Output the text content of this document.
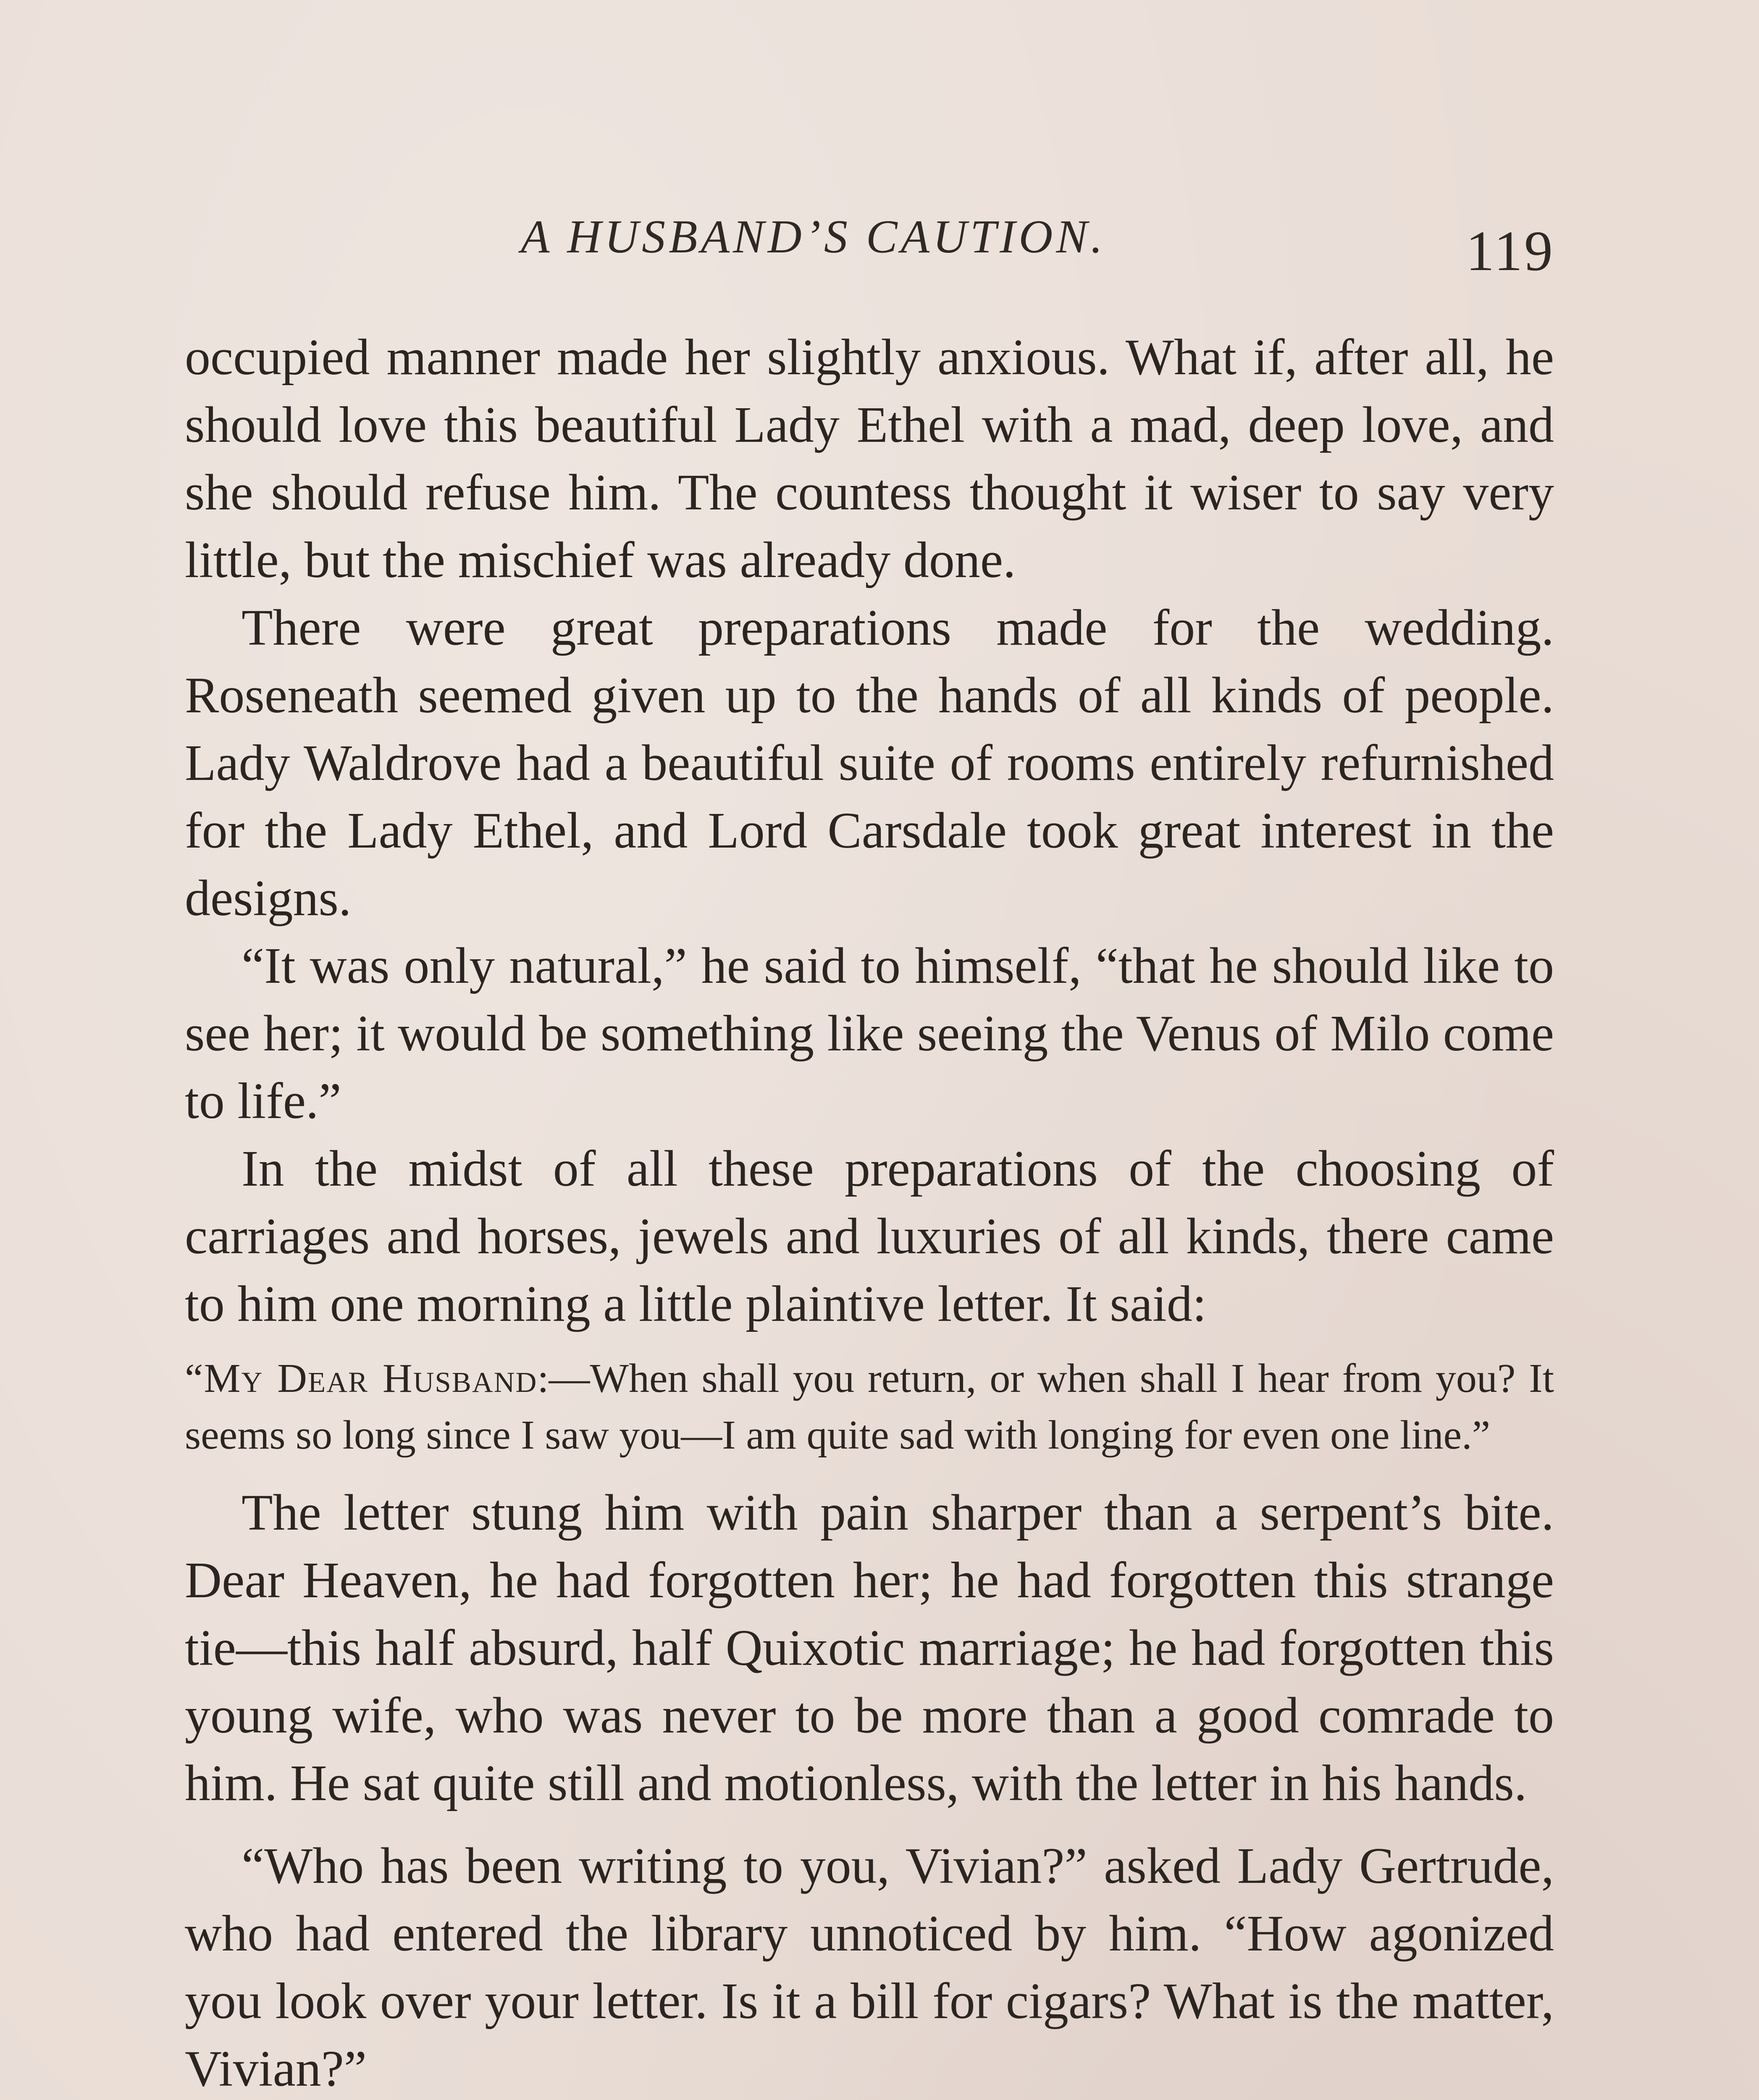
A HUSBAND’S CAUTION.	119

occupied manner made her slightly anxious. What if, after all, he should love this beautiful Lady Ethel with a mad, deep love, and she should refuse him. The countess thought it wiser to say very little, but the mischief was already done.

There were great preparations made for the wedding. Roseneath seemed given up to the hands of all kinds of people. Lady Waldrove had a beautiful suite of rooms entirely refurnished for the Lady Ethel, and Lord Carsdale took great interest in the designs.

“It was only natural,” he said to himself, “that he should like to see her; it would be something like seeing the Venus of Milo come to life.”

In the midst of all these preparations of the choosing of carriages and horses, jewels and luxuries of all kinds, there came to him one morning a little plaintive letter. It said:

“My Dear Husband:—When shall you return, or when shall I hear from you? It seems so long since I saw you—I am quite sad with longing for even one line.”

The letter stung him with pain sharper than a serpent’s bite. Dear Heaven, he had forgotten her; he had forgotten this strange tie—this half absurd, half Quixotic marriage; he had forgotten this young wife, who was never to be more than a good comrade to him. He sat quite still and motionless, with the letter in his hands.

“Who has been writing to you, Vivian?” asked Lady Gertrude, who had entered the library unnoticed by him. “How agonized you look over your letter. Is it a bill for cigars? What is the matter, Vivian?”
